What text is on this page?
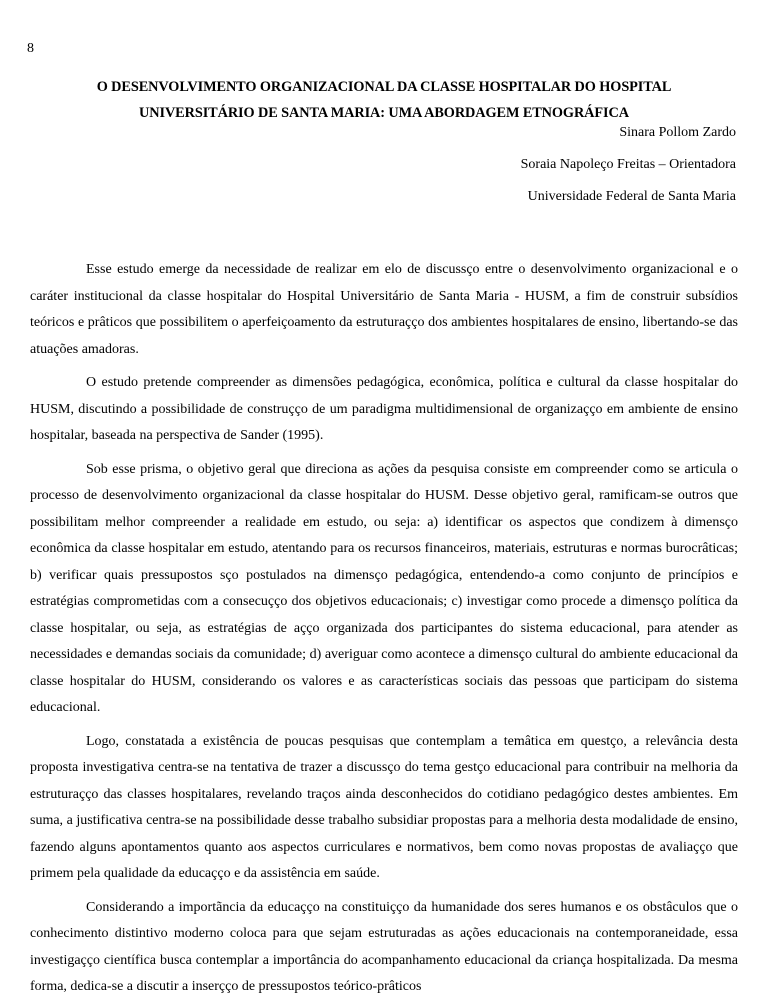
8
O DESENVOLVIMENTO ORGANIZACIONAL DA CLASSE HOSPITALAR DO HOSPITAL
UNIVERSITÁRIO DE SANTA MARIA: UMA ABORDAGEM ETNOGRÁFICA
Sinara Pollom Zardo
Soraia Napoleço Freitas – Orientadora
Universidade Federal de Santa Maria

Esse estudo emerge da necessidade de realizar em elo de discussço entre o desenvolvimento organizacional e o caráter institucional da classe hospitalar do Hospital Universitário de Santa Maria - HUSM, a fim de construir subsídios teóricos e prâticos que possibilitem o aperfeiçoamento da estruturaçço dos ambientes hospitalares de ensino, libertando-se das atuações amadoras.

O estudo pretende compreender as dimensões pedagógica, econômica, política e cultural da classe hospitalar do HUSM, discutindo a possibilidade de construçço de um paradigma multidimensional de organizaçço em ambiente de ensino hospitalar, baseada na perspectiva de Sander (1995).

Sob esse prisma, o objetivo geral que direciona as ações da pesquisa consiste em compreender como se articula o processo de desenvolvimento organizacional da classe hospitalar do HUSM. Desse objetivo geral, ramificam-se outros que possibilitam melhor compreender a realidade em estudo, ou seja: a) identificar os aspectos que condizem à dimensço econômica da classe hospitalar em estudo, atentando para os recursos financeiros, materiais, estruturas e normas burocrâticas; b) verificar quais pressupostos sço postulados na dimensço pedagógica, entendendo-a como conjunto de princípios e estratégias comprometidas com a consecuçço dos objetivos educacionais; c) investigar como procede a dimensço política da classe hospitalar, ou seja, as estratégias de açço organizada dos participantes do sistema educacional, para atender as necessidades e demandas sociais da comunidade; d) averiguar como acontece a dimensço cultural do ambiente educacional da classe hospitalar do HUSM, considerando os valores e as características sociais das pessoas que participam do sistema educacional.

Logo, constatada a existência de poucas pesquisas que contemplam a temâtica em questço, a relevância desta proposta investigativa centra-se na tentativa de trazer a discussço do tema gestço educacional para contribuir na melhoria da estruturaçço das classes hospitalares, revelando traços ainda desconhecidos do cotidiano pedagógico destes ambientes. Em suma, a justificativa centra-se na possibilidade desse trabalho subsidiar propostas para a melhoria desta modalidade de ensino, fazendo alguns apontamentos quanto aos aspectos curriculares e normativos, bem como novas propostas de avaliaçço que primem pela qualidade da educaçço e da assistência em saúde.

Considerando a importãncia da educaçço na constituiçço da humanidade dos seres humanos e os obstâculos que o conhecimento distintivo moderno coloca para que sejam estruturadas as ações educacionais na contemporaneidade, essa investigaçço científica busca contemplar a importância do acompanhamento educacional da criança hospitalizada. Da mesma forma, dedica-se a discutir a inserçço de pressupostos teórico-prâticos
